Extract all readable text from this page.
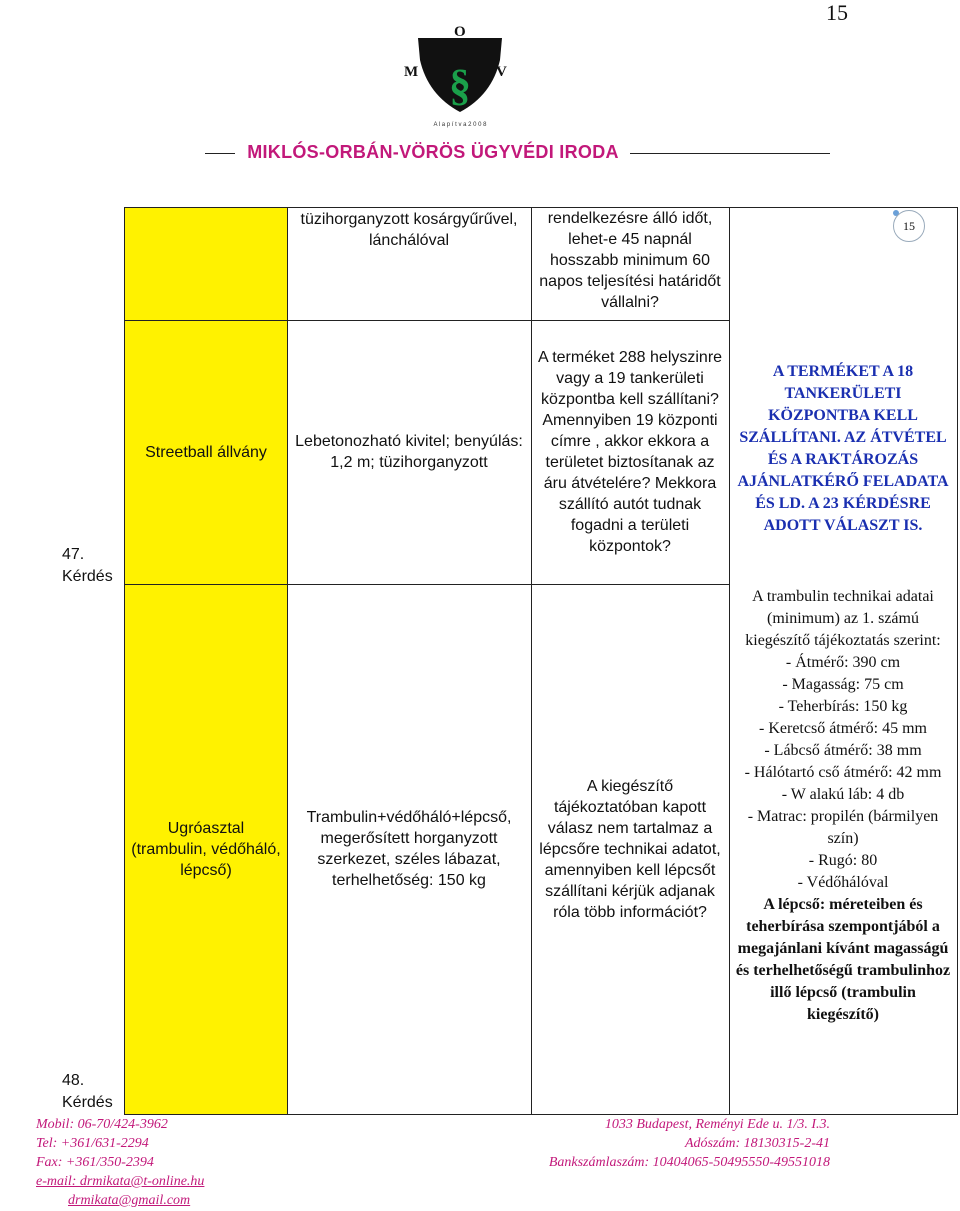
15
§
A l a p í t v a 2 0 0 8
O
M	V
MIKLÓS-ORBÁN-VÖRÖS ÜGYVÉDI IRODA
47. Kérdés
48. Kérdés
tüzihorganyzott kosárgyűrűvel, lánchálóval
rendelkezésre álló időt, lehet-e 45 napnál hosszabb minimum 60 napos teljesítési határidőt vállalni?
Streetball állvány
Lebetonozható kivitel; benyúlás: 1,2 m; tüzihorganyzott
A terméket 288 helyszinre vagy a 19 tankerületi központba kell szállítani? Amennyiben 19 központi címre , akkor ekkora a területet biztosítanak az áru átvételére? Mekkora szállító autót tudnak fogadni a területi központok?
A TERMÉKET A 18 TANKERÜLETI KÖZPONTBA KELL SZÁLLÍTANI. AZ ÁTVÉTEL ÉS A RAKTÁROZÁS AJÁNLATKÉRŐ FELADATA ÉS LD. A 23 KÉRDÉSRE ADOTT VÁLASZT IS.
Ugróasztal (trambulin, védőháló, lépcső)
Trambulin+védőháló+lépcső, megerősített horganyzott szerkezet, széles lábazat, terhelhetőség: 150 kg
A kiegészítő tájékoztatóban kapott válasz nem tartalmaz a lépcsőre technikai adatot, amennyiben kell lépcsőt szállítani kérjük adjanak róla több információt?
A trambulin technikai adatai (minimum) az 1. számú kiegészítő tájékoztatás szerint:
- Átmérő: 390 cm
- Magasság: 75 cm
- Teherbírás: 150 kg
- Keretcső átmérő: 45 mm
- Lábcső átmérő: 38 mm
- Hálótartó cső átmérő: 42 mm
- W alakú láb: 4 db
- Matrac: propilén (bármilyen szín)
- Rugó: 80
- Védőhálóval
A lépcső: méreteiben és teherbírása szempontjából a megajánlani kívánt magasságú és terhelhetőségű trambulinhoz illő lépcső (trambulin kiegészítő)
15
Mobil: 06-70/424-3962
Tel: +361/631-2294
Fax: +361/350-2394
e-mail: drmikata@t-online.hu
drmikata@gmail.com
1033 Budapest, Reményi Ede u. 1/3. I.3.
Adószám: 18130315-2-41
Bankszámlaszám: 10404065-50495550-49551018
